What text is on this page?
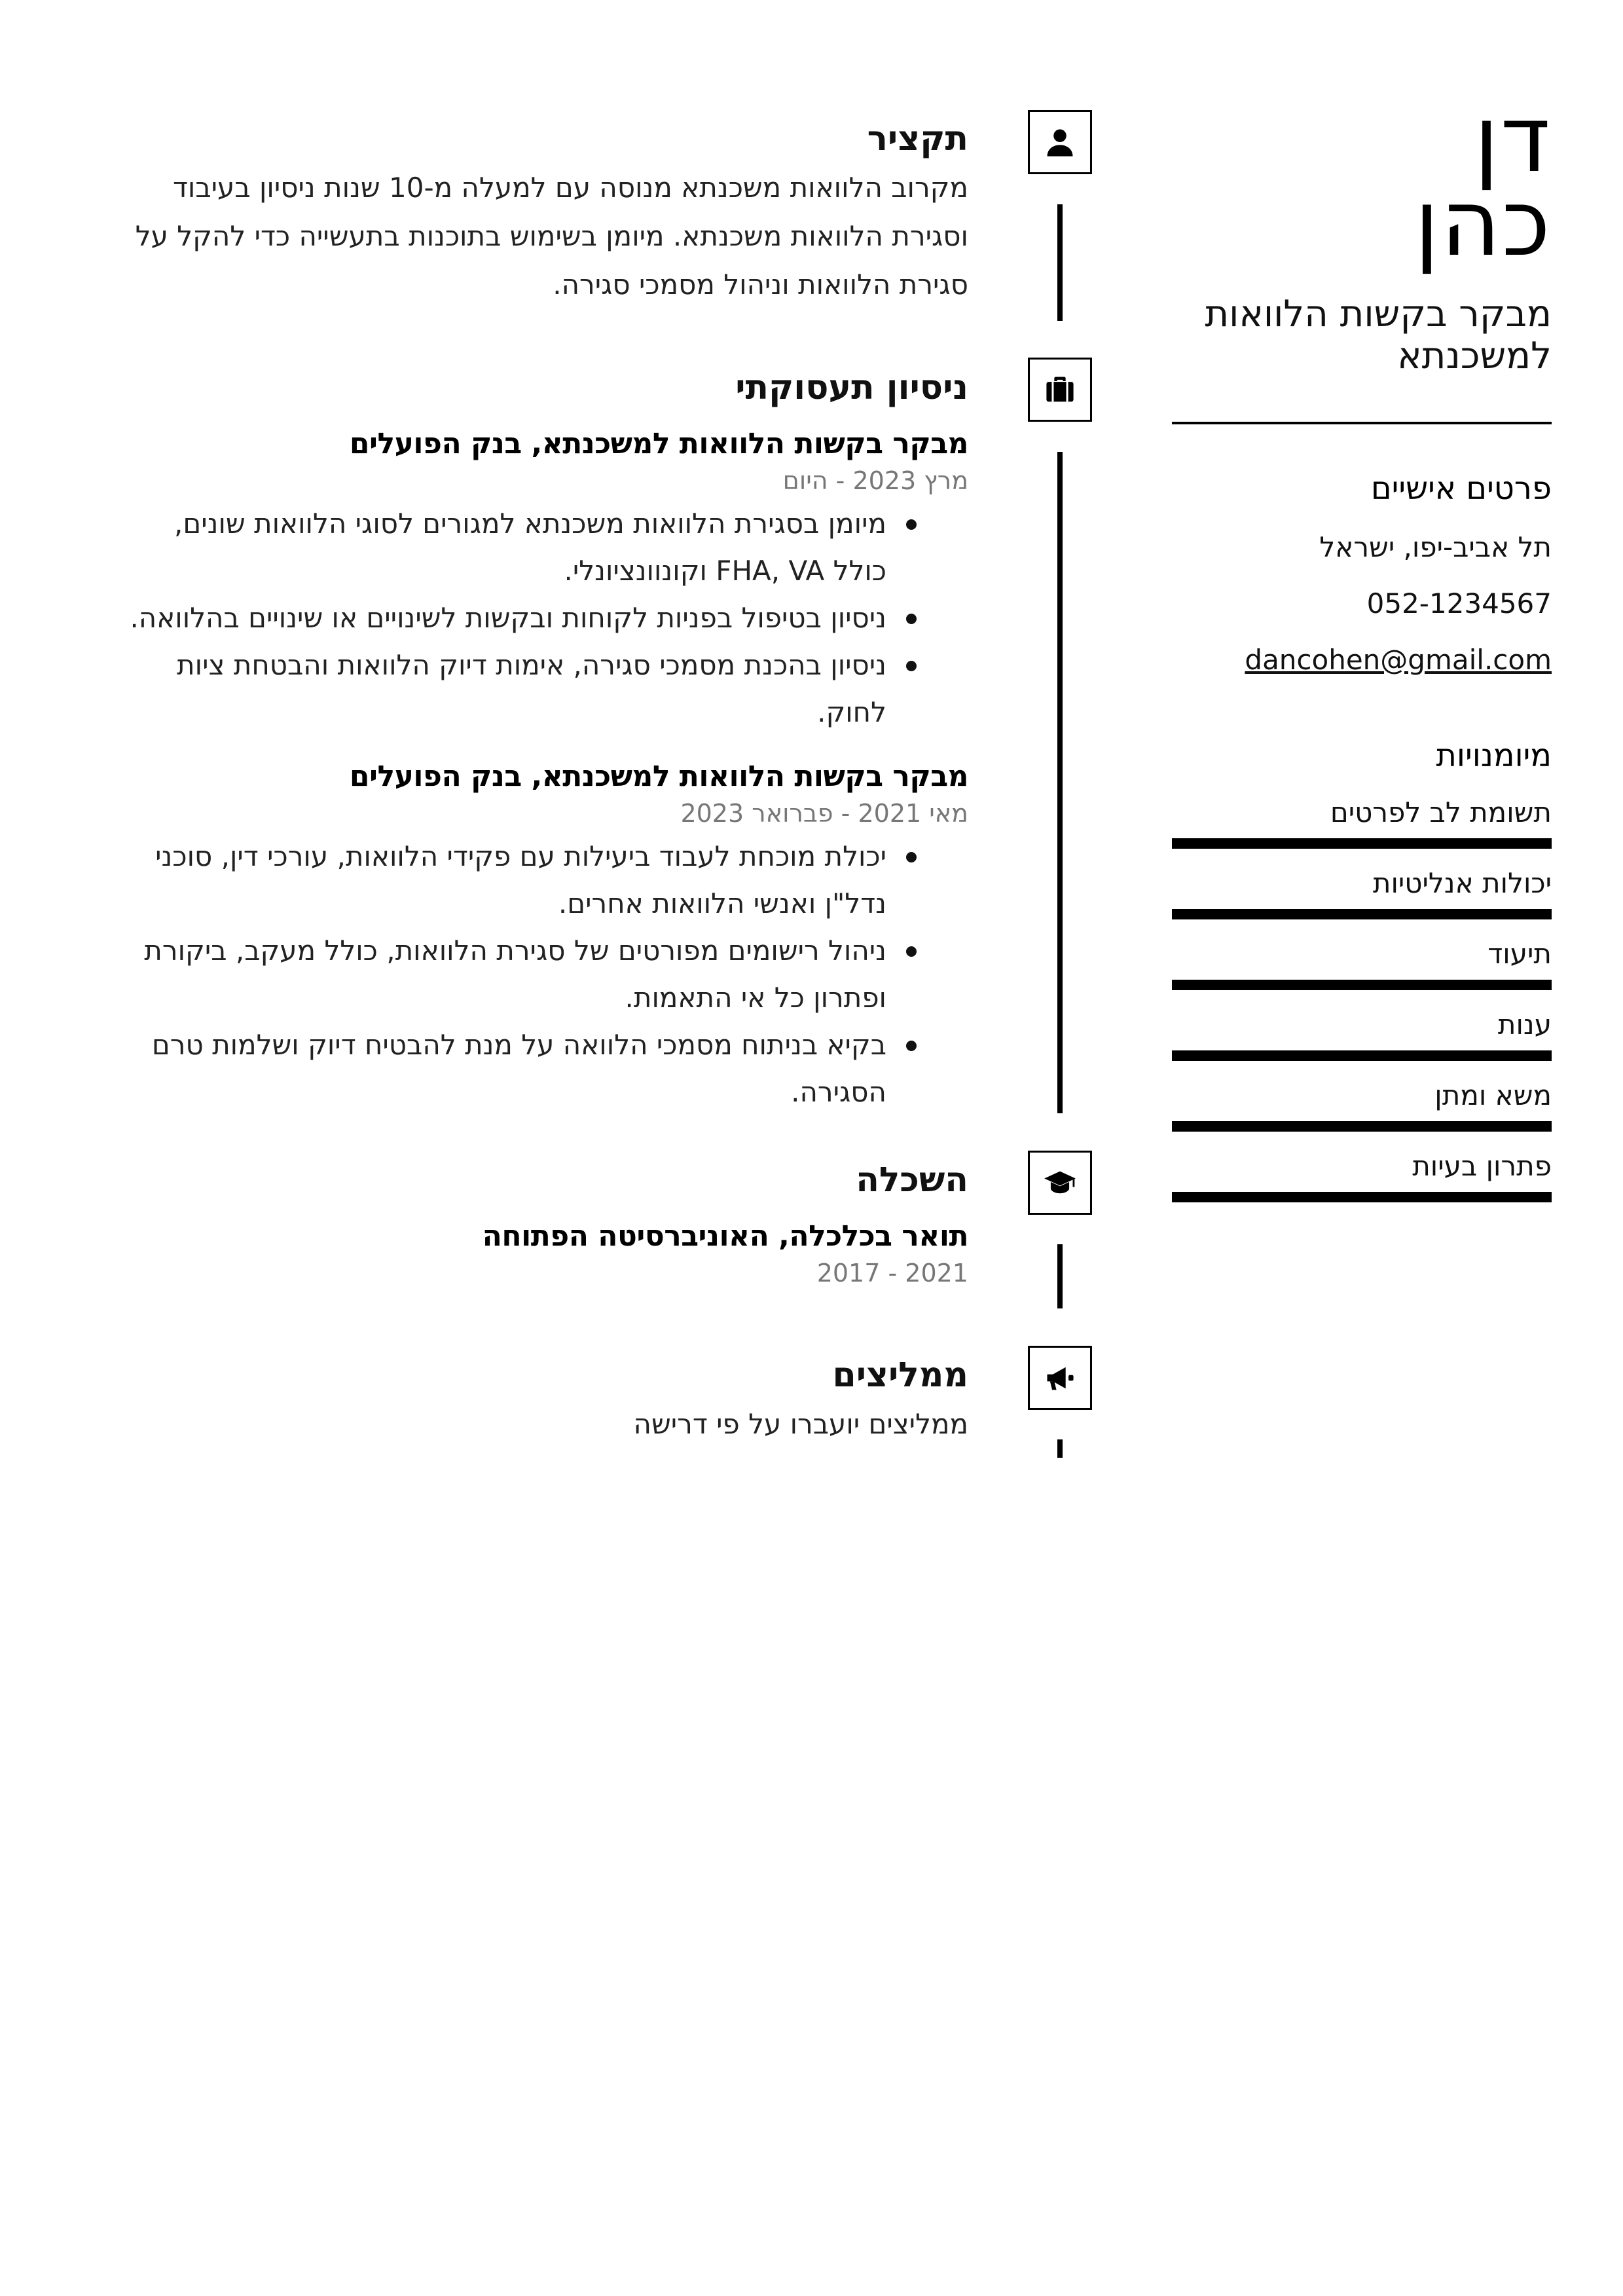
דן
כהן
מבקר בקשות הלוואות למשכנתא
פרטים אישיים
תל אביב-יפו, ישראל
052-1234567
dancohen@gmail.com
מיומנויות
תשומת לב לפרטים
יכולות אנליטיות
תיעוד
ענות
משא ומתן
פתרון בעיות
תקציר
מקרוב הלוואות משכנתא מנוסה עם למעלה מ-10 שנות ניסיון בעיבוד וסגירת הלוואות משכנתא. מיומן בשימוש בתוכנות בתעשייה כדי להקל על סגירת הלוואות וניהול מסמכי סגירה.
ניסיון תעסוקתי
מבקר בקשות הלוואות למשכנתא, בנק הפועלים
מרץ 2023 - היום
מיומן בסגירת הלוואות משכנתא למגורים לסוגי הלוואות שונים, כולל FHA, VA וקונוונציונלי.
ניסיון בטיפול בפניות לקוחות ובקשות לשינויים או שינויים בהלוואה.
ניסיון בהכנת מסמכי סגירה, אימות דיוק הלוואות והבטחת ציות לחוק.
מבקר בקשות הלוואות למשכנתא, בנק הפועלים
מאי 2021 - פברואר 2023
יכולת מוכחת לעבוד ביעילות עם פקידי הלוואות, עורכי דין, סוכני נדל"ן ואנשי הלוואות אחרים.
ניהול רישומים מפורטים של סגירת הלוואות, כולל מעקב, ביקורת ופתרון כל אי התאמות.
בקיא בניתוח מסמכי הלוואה על מנת להבטיח דיוק ושלמות טרם הסגירה.
השכלה
תואר בכלכלה, האוניברסיטה הפתוחה
2017 - 2021
ממליצים
ממליצים יועברו על פי דרישה
